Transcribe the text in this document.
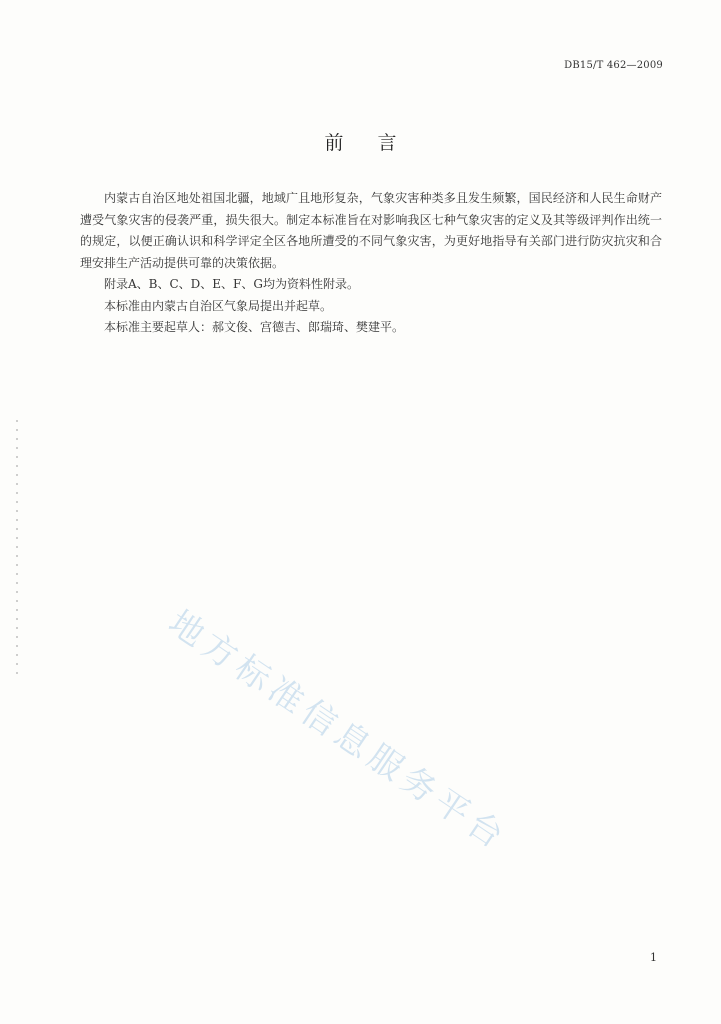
DB15/T 462—2009
前言

内蒙古自治区地处祖国北疆，地域广且地形复杂，气象灾害种类多且发生频繁，国民经济和人民生命财产遭受气象灾害的侵袭严重，损失很大。制定本标准旨在对影响我区七种气象灾害的定义及其等级评判作出统一的规定，以便正确认识和科学评定全区各地所遭受的不同气象灾害，为更好地指导有关部门进行防灾抗灾和合理安排生产活动提供可靠的决策依据。

附录A、B、C、D、E、F、G均为资料性附录。

本标准由内蒙古自治区气象局提出并起草。

本标准主要起草人：郝文俊、宫德吉、郎瑞琦、樊建平。

地方标准信息服务平台
1
